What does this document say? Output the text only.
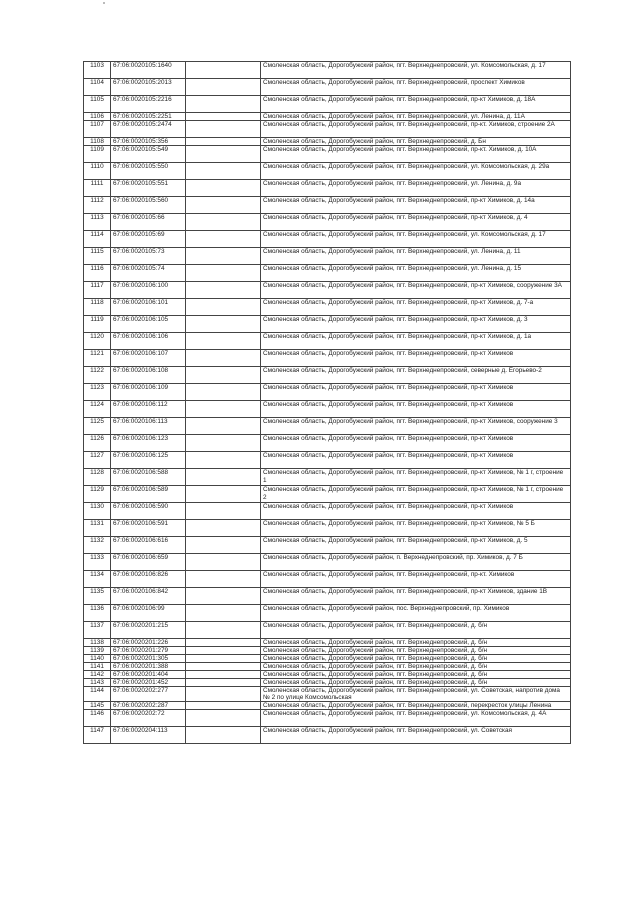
1103	67:06:0020105:1640		Смоленская область, Дорогобужский район, пгт. Верхнеднепровский, ул. Комсомольская, д. 17
1104	67:06:0020105:2013		Смоленская область, Дорогобужский район, пгт. Верхнеднепровский, проспект Химиков
1105	67:06:0020105:2216		Смоленская область, Дорогобужский район, пгт. Верхнеднепровский, пр-кт Химиков, д. 18А
1106	67:06:0020105:2251		Смоленская область, Дорогобужский район, пгт. Верхнеднепровский, ул. Ленина, д. 11А
1107	67:06:0020105:2474		Смоленская область, Дорогобужский район, пгт. Верхнеднепровский, пр-кт. Химиков, строение 2А
1108	67:06:0020105:356		Смоленская область, Дорогобужский район, пгт. Верхнеднепровский, д. Бн
1109	67:06:0020105:549		Смоленская область, Дорогобужский район, пгт. Верхнеднепровский, пр-кт. Химиков, д. 10А
1110	67:06:0020105:550		Смоленская область, Дорогобужский район, пгт. Верхнеднепровский, ул. Комсомольская, д. 29а
1111	67:06:0020105:551		Смоленская область, Дорогобужский район, пгт. Верхнеднепровский, ул. Ленина, д. 9а
1112	67:06:0020105:560		Смоленская область, Дорогобужский район, пгт. Верхнеднепровский, пр-кт Химиков, д. 14а
1113	67:06:0020105:66		Смоленская область, Дорогобужский район, пгт. Верхнеднепровский, пр-кт Химиков, д. 4
1114	67:06:0020105:69		Смоленская область, Дорогобужский район, пгт. Верхнеднепровский, ул. Комсомольская, д. 17
1115	67:06:0020105:73		Смоленская область, Дорогобужский район, пгт. Верхнеднепровский, ул. Ленина, д. 11
1116	67:06:0020105:74		Смоленская область, Дорогобужский район, пгт. Верхнеднепровский, ул. Ленина, д. 15
1117	67:06:0020106:100		Смоленская область, Дорогобужский район, пгт. Верхнеднепровский, пр-кт Химиков, сооружение 3А
1118	67:06:0020106:101		Смоленская область, Дорогобужский район, пгт. Верхнеднепровский, пр-кт Химиков, д. 7-а
1119	67:06:0020106:105		Смоленская область, Дорогобужский район, пгт. Верхнеднепровский, пр-кт Химиков, д. 3
1120	67:06:0020106:106		Смоленская область, Дорогобужский район, пгт. Верхнеднепровский, пр-кт Химиков, д. 1а
1121	67:06:0020106:107		Смоленская область, Дорогобужский район, пгт. Верхнеднепровский, пр-кт Химиков
1122	67:06:0020106:108		Смоленская область, Дорогобужский район, пгт. Верхнеднепровский, северные д. Егорьево-2
1123	67:06:0020106:109		Смоленская область, Дорогобужский район, пгт. Верхнеднепровский, пр-кт Химиков
1124	67:06:0020106:112		Смоленская область, Дорогобужский район, пгт. Верхнеднепровский, пр-кт Химиков
1125	67:06:0020106:113		Смоленская область, Дорогобужский район, пгт. Верхнеднепровский, пр-кт Химиков, сооружение 3
1126	67:06:0020106:123		Смоленская область, Дорогобужский район, пгт. Верхнеднепровский, пр-кт Химиков
1127	67:06:0020106:125		Смоленская область, Дорогобужский район, пгт. Верхнеднепровский, пр-кт Химиков
1128	67:06:0020106:588		Смоленская область, Дорогобужский район, пгт. Верхнеднепровский, пр-кт Химиков, № 1 г, строение 1
1129	67:06:0020106:589		Смоленская область, Дорогобужский район, пгт. Верхнеднепровский, пр-кт Химиков, № 1 г, строение 2
1130	67:06:0020106:590		Смоленская область, Дорогобужский район, пгт. Верхнеднепровский, пр-кт Химиков
1131	67:06:0020106:591		Смоленская область, Дорогобужский район, пгт. Верхнеднепровский, пр-кт Химиков, № 5 Б
1132	67:06:0020106:616		Смоленская область, Дорогобужский район, пгт. Верхнеднепровский, пр-кт Химиков, д. 5
1133	67:06:0020106:659		Смоленская область, Дорогобужский район, п. Верхнеднепровский, пр. Химиков, д. 7 Б
1134	67:06:0020106:826		Смоленская область, Дорогобужский район, пгт. Верхнеднепровский, пр-кт. Химиков
1135	67:06:0020106:842		Смоленская область, Дорогобужский район, пгт. Верхнеднепровский, пр-кт Химиков, здание 1В
1136	67:06:0020106:99		Смоленская область, Дорогобужский район, пос. Верхнеднепровский, пр. Химиков
1137	67:06:0020201:215		Смоленская область, Дорогобужский район, пгт. Верхнеднепровский, д. б/н
1138	67:06:0020201:226		Смоленская область, Дорогобужский район, пгт. Верхнеднепровский, д. б/н
1139	67:06:0020201:279		Смоленская область, Дорогобужский район, пгт. Верхнеднепровский, д. б/н
1140	67:06:0020201:305		Смоленская область, Дорогобужский район, пгт. Верхнеднепровский, д. б/н
1141	67:06:0020201:388		Смоленская область, Дорогобужский район, пгт. Верхнеднепровский, д. б/н
1142	67:06:0020201:404		Смоленская область, Дорогобужский район, пгт. Верхнеднепровский, д. б/н
1143	67:06:0020201:452		Смоленская область, Дорогобужский район, пгт. Верхнеднепровский, д. б/н
1144	67:06:0020202:277		Смоленская область, Дорогобужский район, пгт. Верхнеднепровский, ул. Советская, напротив дома № 2 по улице Комсомольская
1145	67:06:0020202:287		Смоленская область, Дорогобужский район, пгт. Верхнеднепровский, перекресток улицы Ленина
1146	67:06:0020202:72		Смоленская область, Дорогобужский район, пгт. Верхнеднепровский, ул. Комсомольская, д. 4А
1147	67:06:0020204:113		Смоленская область, Дорогобужский район, пгт. Верхнеднепровский, ул. Советская
